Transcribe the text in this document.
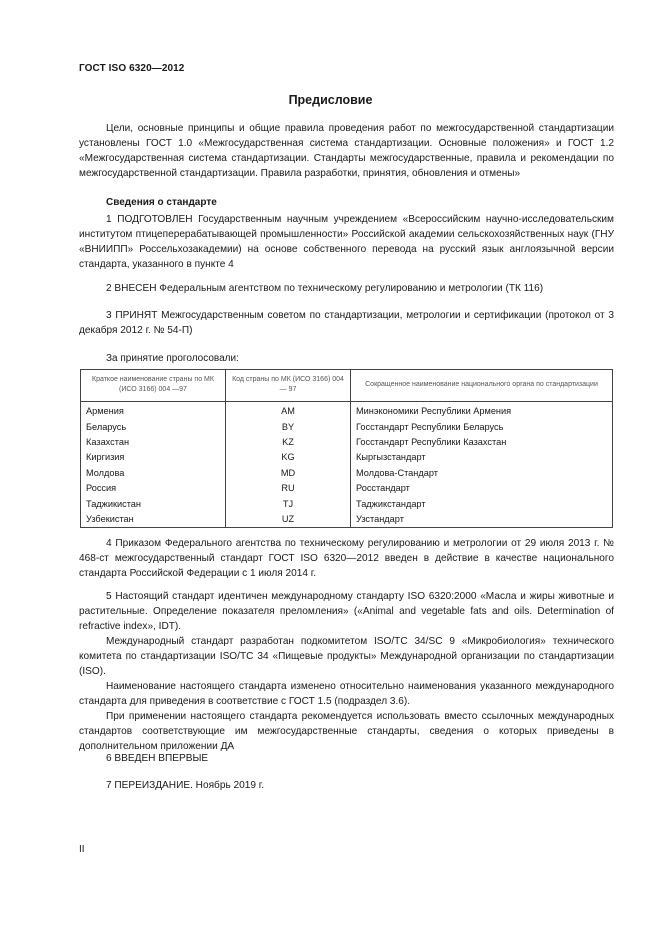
ГОСТ ISO 6320—2012
Предисловие

Цели, основные принципы и общие правила проведения работ по межгосударственной стандартизации установлены ГОСТ 1.0 «Межгосударственная система стандартизации. Основные положения» и ГОСТ 1.2 «Межгосударственная система стандартизации. Стандарты межгосударственные, правила и рекомендации по межгосударственной стандартизации. Правила разработки, принятия, обновления и отмены»

Сведения о стандарте

1 ПОДГОТОВЛЕН Государственным научным учреждением «Всероссийским научно-исследовательским институтом птицеперерабатывающей промышленности» Российской академии сельскохозяйственных наук (ГНУ «ВНИИПП» Россельхозакадемии) на основе собственного перевода на русский язык англоязычной версии стандарта, указанного в пункте 4

2 ВНЕСЕН Федеральным агентством по техническому регулированию и метрологии (ТК 116)

3 ПРИНЯТ Межгосударственным советом по стандартизации, метрологии и сертификации (протокол от 3 декабря 2012 г. № 54-П)

За принятие проголосовали:
Краткое наименование страны по МК (ИСО 3166) 004 —97	Код страны по МК (ИСО 3166) 004 — 97	Сокращенное наименование национального органа по стандартизации
Армения	AM	Минэкономики Республики Армения
Беларусь	BY	Госстандарт Республики Беларусь
Казахстан	KZ	Госстандарт Республики Казахстан
Киргизия	KG	Кыргызстандарт
Молдова	MD	Молдова-Стандарт
Россия	RU	Росстандарт
Таджикистан	TJ	Таджикстандарт
Узбекистан	UZ	Узстандарт

4 Приказом Федерального агентства по техническому регулированию и метрологии от 29 июля 2013 г. № 468-ст межгосударственный стандарт ГОСТ ISO 6320—2012 введен в действие в качестве национального стандарта Российской Федерации с 1 июля 2014 г.

5 Настоящий стандарт идентичен международному стандарту ISO 6320:2000 «Масла и жиры животные и растительные. Определение показателя преломления» («Animal and vegetable fats and oils. Determination of refractive index», IDT).

Международный стандарт разработан подкомитетом ISO/TC 34/SC 9 «Микробиология» технического комитета по стандартизации ISO/TC 34 «Пищевые продукты» Международной организации по стандартизации (ISO).

Наименование настоящего стандарта изменено относительно наименования указанного международного стандарта для приведения в соответствие с ГОСТ 1.5 (подраздел 3.6).

При применении настоящего стандарта рекомендуется использовать вместо ссылочных международных стандартов соответствующие им межгосударственные стандарты, сведения о которых приведены в дополнительном приложении ДА

6 ВВЕДЕН ВПЕРВЫЕ

7 ПЕРЕИЗДАНИЕ. Ноябрь 2019 г.

II
